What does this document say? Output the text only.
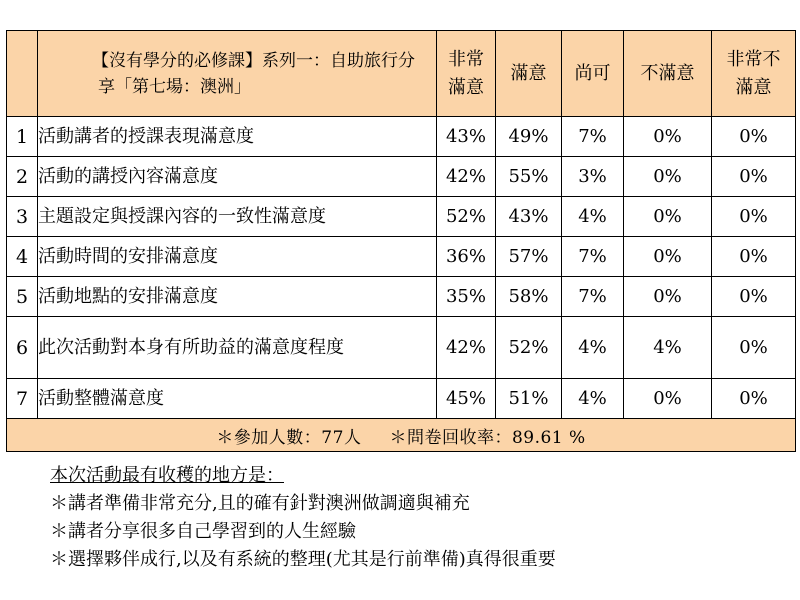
	【沒有學分的必修課】系列一：自助旅行分享「第七場：澳洲」	非常滿意	滿意	尚可	不滿意	非常不滿意
1	活動講者的授課表現滿意度	43%	49%	7%	0%	0%
2	活動的講授內容滿意度	42%	55%	3%	0%	0%
3	主題設定與授課內容的一致性滿意度	52%	43%	4%	0%	0%
4	活動時間的安排滿意度	36%	57%	7%	0%	0%
5	活動地點的安排滿意度	35%	58%	7%	0%	0%
6	此次活動對本身有所助益的滿意度程度	42%	52%	4%	4%	0%
7	活動整體滿意度	45%	51%	4%	0%	0%
＊參加人數：77人 ＊問卷回收率：89.61 %						
本次活動最有收穫的地方是：
＊講者準備非常充分,且的確有針對澳洲做調適與補充
＊講者分享很多自己學習到的人生經驗
＊選擇夥伴成行,以及有系統的整理(尤其是行前準備)真得很重要
